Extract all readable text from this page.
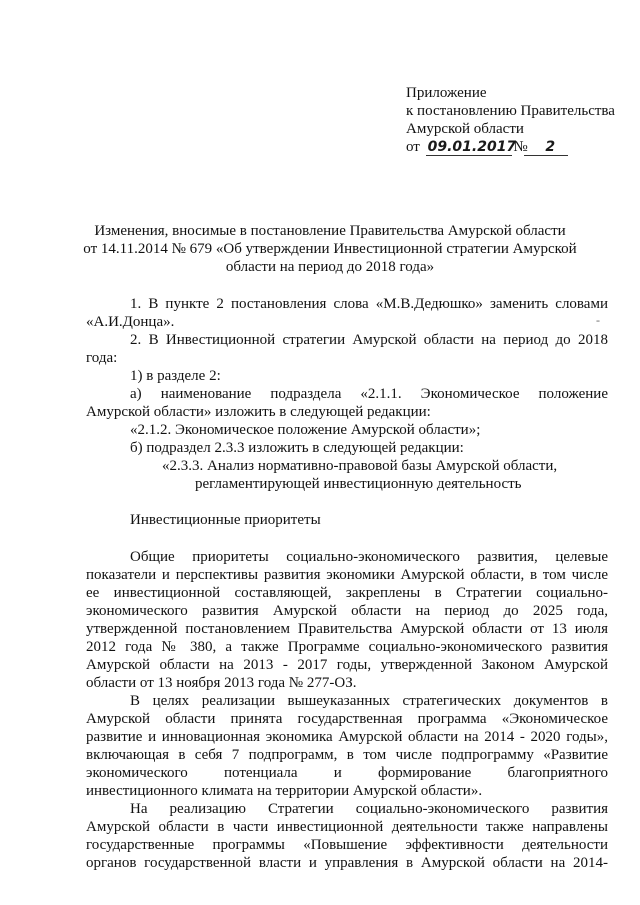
Приложение
к постановлению Правительства
Амурской области
от 09.01.2017 № 2
Изменения, вносимые в постановление Правительства Амурской области
от 14.11.2014 № 679 «Об утверждении Инвестиционной стратегии Амурской
области на период до 2018 года»
1. В пункте 2 постановления слова «М.В.Дедюшко» заменить словами
«А.И.Донца».	-
2. В Инвестиционной стратегии Амурской области на период до 2018
года:
1) в разделе 2:
а) наименование подраздела «2.1.1. Экономическое положение
Амурской области» изложить в следующей редакции:
«2.1.2. Экономическое положение Амурской области»;
б) подраздел 2.3.3 изложить в следующей редакции:
«2.3.3. Анализ нормативно-правовой базы Амурской области,
регламентирующей инвестиционную деятельность
Инвестиционные приоритеты
Общие приоритеты социально-экономического развития, целевые
показатели и перспективы развития экономики Амурской области, в том числе
ее инвестиционной составляющей, закреплены в Стратегии социально-
экономического развития Амурской области на период до 2025 года,
утвержденной постановлением Правительства Амурской области от 13 июля
2012 года № 380, а также Программе социально-экономического развития
Амурской области на 2013 - 2017 годы, утвержденной Законом Амурской
области от 13 ноября 2013 года № 277-ОЗ.
В целях реализации вышеуказанных стратегических документов в
Амурской области принята государственная программа «Экономическое
развитие и инновационная экономика Амурской области на 2014 - 2020 годы»,
включающая в себя 7 подпрограмм, в том числе подпрограмму «Развитие
экономического потенциала и формирование благоприятного
инвестиционного климата на территории Амурской области».
На реализацию Стратегии социально-экономического развития
Амурской области в части инвестиционной деятельности также направлены
государственные программы «Повышение эффективности деятельности
органов государственной власти и управления в Амурской области на 2014-
